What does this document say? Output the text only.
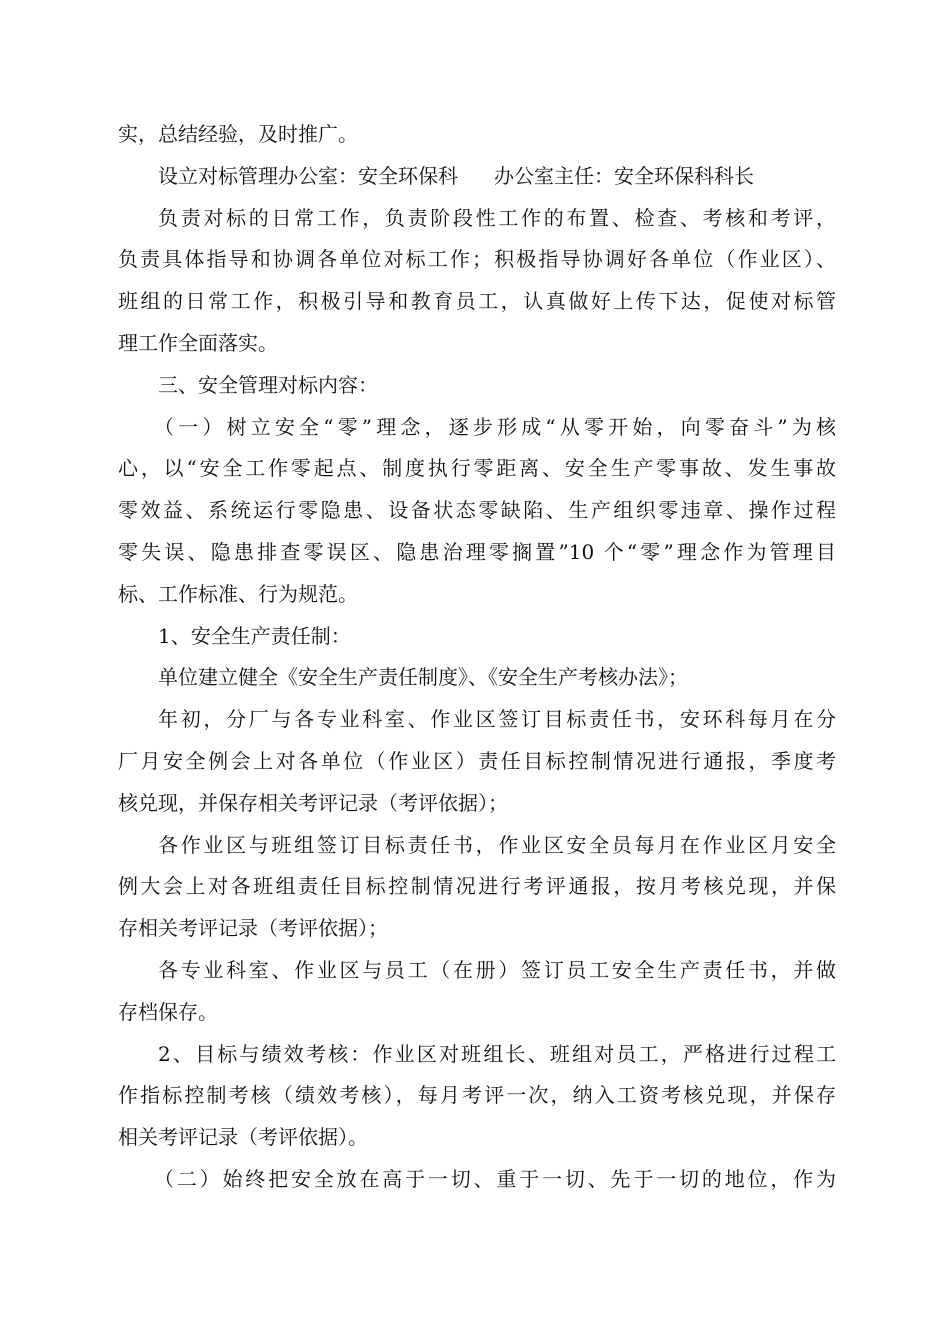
实，总结经验，及时推广。
设立对标管理办公室：安全环保科 办公室主任：安全环保科科长
负责对标的日常工作，负责阶段性工作的布置、检查、考核和考评，
负责具体指导和协调各单位对标工作；积极指导协调好各单位（作业区）、
班组的日常工作，积极引导和教育员工，认真做好上传下达，促使对标管
理工作全面落实。
三、安全管理对标内容：
（一）树立安全“零”理念，逐步形成“从零开始，向零奋斗”为核
心，以“安全工作零起点、制度执行零距离、安全生产零事故、发生事故
零效益、系统运行零隐患、设备状态零缺陷、生产组织零违章、操作过程
零失误、隐患排查零误区、隐患治理零搁置”10 个“零”理念作为管理目
标、工作标准、行为规范。
1、安全生产责任制：
单位建立健全《安全生产责任制度》、《安全生产考核办法》；
年初，分厂与各专业科室、作业区签订目标责任书，安环科每月在分
厂月安全例会上对各单位（作业区）责任目标控制情况进行通报，季度考
核兑现，并保存相关考评记录（考评依据）；
各作业区与班组签订目标责任书，作业区安全员每月在作业区月安全
例大会上对各班组责任目标控制情况进行考评通报，按月考核兑现，并保
存相关考评记录（考评依据）；
各专业科室、作业区与员工（在册）签订员工安全生产责任书，并做
存档保存。
2、目标与绩效考核：作业区对班组长、班组对员工，严格进行过程工
作指标控制考核（绩效考核），每月考评一次，纳入工资考核兑现，并保存
相关考评记录（考评依据）。
（二）始终把安全放在高于一切、重于一切、先于一切的地位，作为
